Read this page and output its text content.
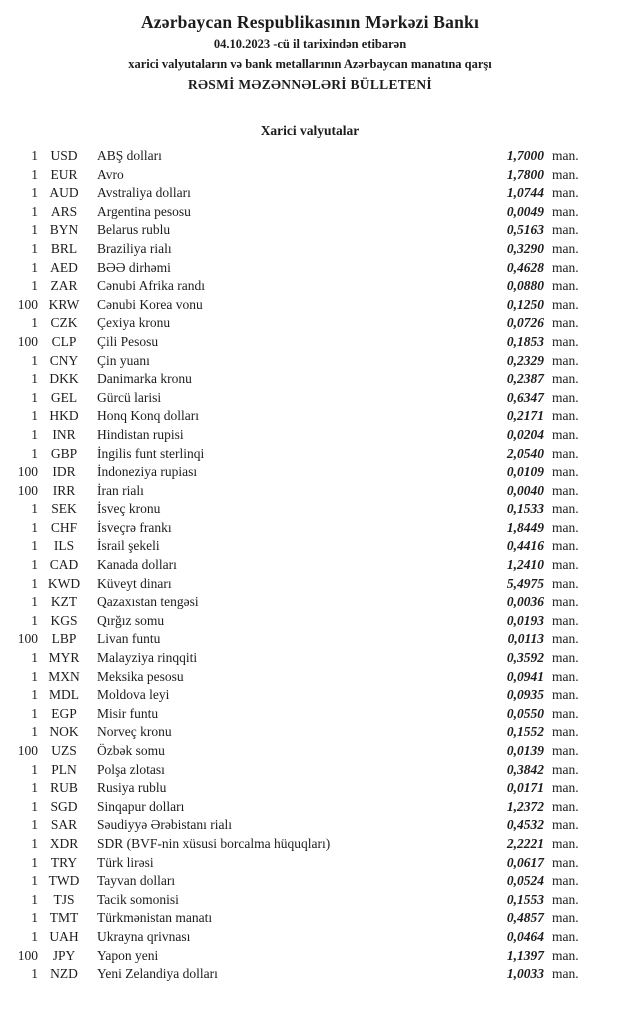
Azərbaycan Respublikasının Mərkəzi Bankı
04.10.2023 -cü il tarixindən etibarən
xarici valyutaların və bank metallarının Azərbaycan manatına qarşı
RƏSMİ MƏZƏNNƏLƏRİ BÜLLETENİ
Xarici valyutalar
1 USD	ABŞ dolları	1,7000 man.
1 EUR	Avro	1,7800 man.
1 AUD	Avstraliya dolları	1,0744 man.
1 ARS	Argentina pesosu	0,0049 man.
1 BYN	Belarus rublu	0,5163 man.
1 BRL	Braziliya rialı	0,3290 man.
1 AED	BƏƏ dirhəmi	0,4628 man.
1 ZAR	Cənubi Afrika randı	0,0880 man.
100 KRW	Cənubi Korea vonu	0,1250 man.
1 CZK	Çexiya kronu	0,0726 man.
100	CLP	Çili Pesosu	0,1853 man.
1 CNY	Çin yuanı	0,2329 man.
1 DKK	Danimarka kronu	0,2387 man.
1 GEL	Gürcü larisi	0,6347 man.
1 HKD	Honq Konq dolları	0,2171 man.
1	INR	Hindistan rupisi	0,0204 man.
1 GBP	İngilis funt sterlinqi	2,0540 man.
100	IDR	İndoneziya rupiası	0,0109 man.
100	IRR	İran rialı	0,0040 man.
1 SEK	İsveç kronu	0,1533 man.
1 CHF	İsveçrə frankı	1,8449 man.
1	ILS	İsrail şekeli	0,4416 man.
1 CAD	Kanada dolları	1,2410 man.
1 KWD	Küveyt dinarı	5,4975 man.
1 KZT	Qazaxıstan tengəsi	0,0036 man.
1 KGS	Qırğız somu	0,0193 man.
100	LBP	Livan funtu	0,0113 man.
1 MYR	Malayziya rinqqiti	0,3592 man.
1 MXN	Meksika pesosu	0,0941 man.
1 MDL	Moldova leyi	0,0935 man.
1 EGP	Misir funtu	0,0550 man.
1 NOK	Norveç kronu	0,1552 man.
100 UZS	Özbək somu	0,0139 man.
1 PLN	Polşa zlotası	0,3842 man.
1 RUB	Rusiya rublu	0,0171 man.
1 SGD	Sinqapur dolları	1,2372 man.
1 SAR	Səudiyyə Ərəbistanı rialı	0,4532 man.
1 XDR	SDR (BVF-nin xüsusi borcalma hüquqları)	2,2221 man.
1 TRY	Türk lirəsi	0,0617 man.
1 TWD	Tayvan dolları	0,0524 man.
1	TJS	Tacik somonisi	0,1553 man.
1 TMT	Türkmənistan manatı	0,4857 man.
1 UAH	Ukrayna qrivnası	0,0464 man.
100	JPY	Yapon yeni	1,1397 man.
1 NZD	Yeni Zelandiya dolları	1,0033 man.
